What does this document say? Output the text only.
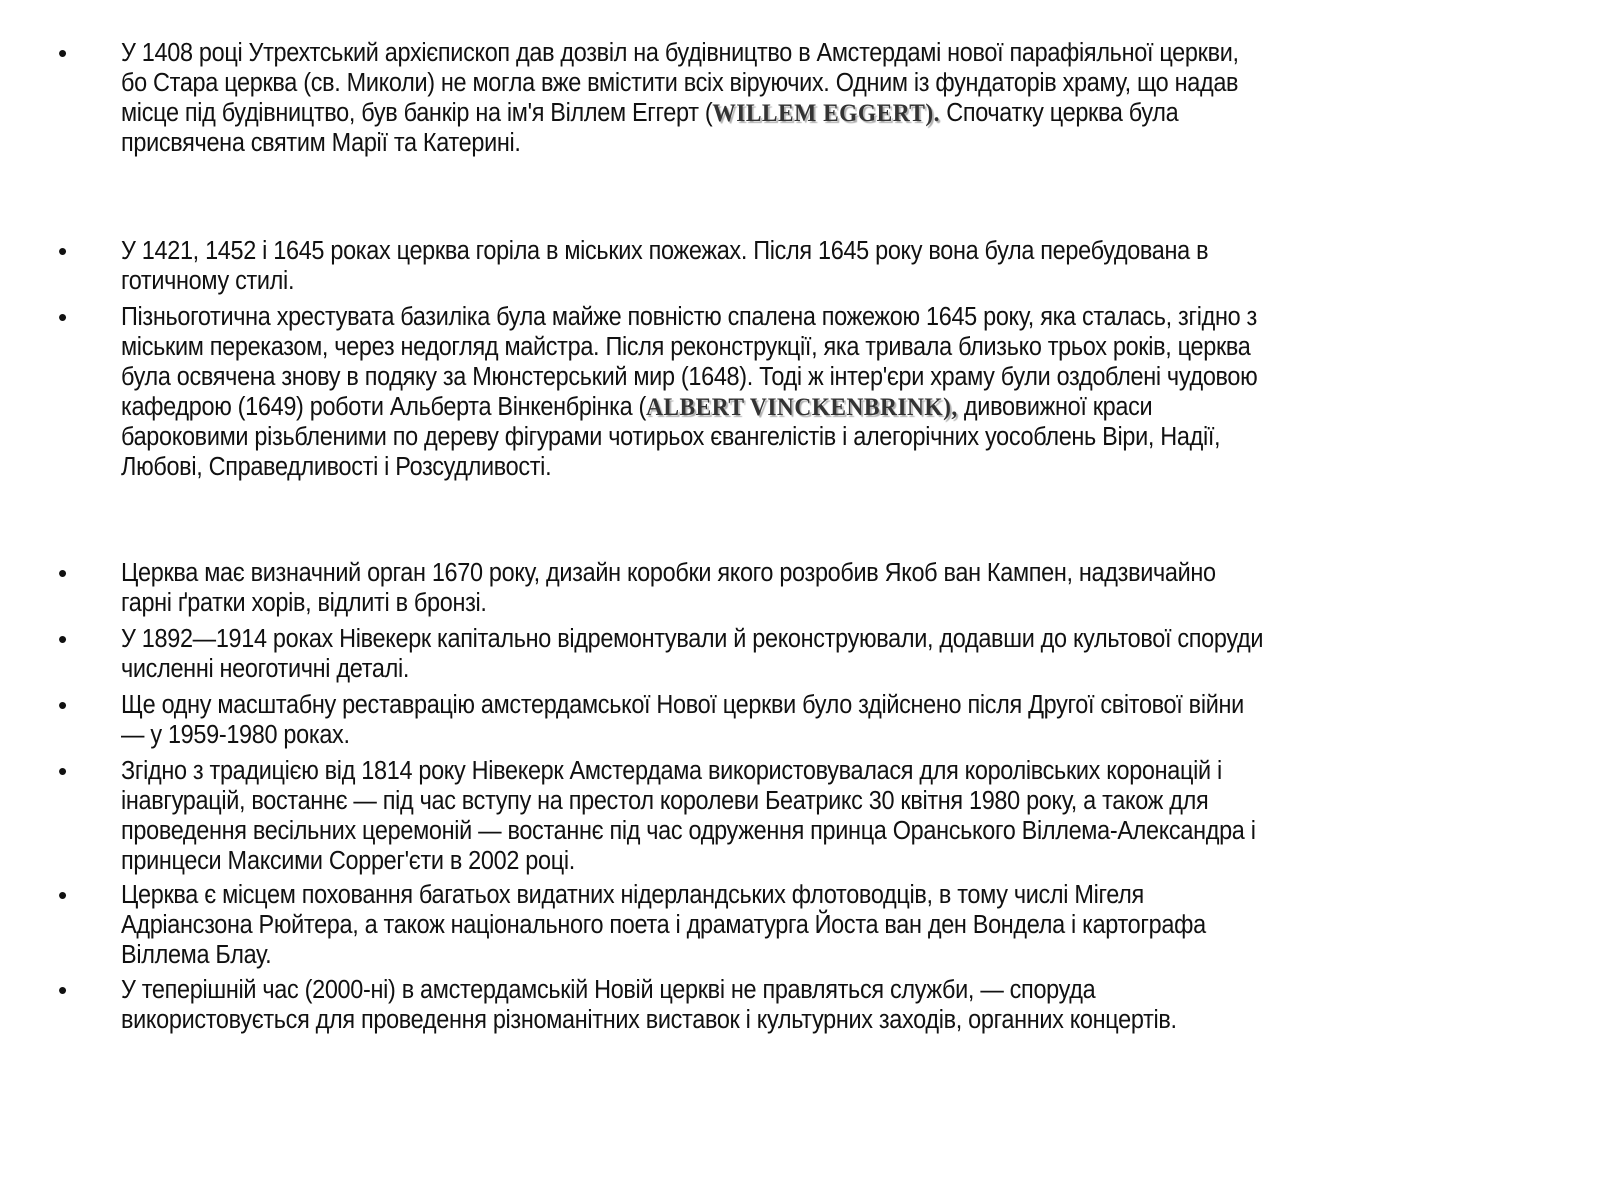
• У 1408 році Утрехтський архієпископ дав дозвіл на будівництво в Амстердамі нової парафіяльної церкви,
бо Стара церква (св. Миколи) не могла вже вмістити всіх віруючих. Одним із фундаторів храму, що надав
місце під будівництво, був банкір на ім'я Віллем Еггерт (WILLEM EGGERT). Спочатку церква була
присвячена святим Марії та Катерині.
• У 1421, 1452 і 1645 роках церква горіла в міських пожежах. Після 1645 року вона була перебудована в
готичному стилі.
• Пізньоготична хрестувата базиліка була майже повністю спалена пожежою 1645 року, яка сталась, згідно з
міським переказом, через недогляд майстра. Після реконструкції, яка тривала близько трьох років, церква
була освячена знову в подяку за Мюнстерський мир (1648). Тоді ж інтер'єри храму були оздоблені чудовою
кафедрою (1649) роботи Альберта Вінкенбрінка (ALBERT VINCKENBRINK), дивовижної краси
бароковими різьбленими по дереву фігурами чотирьох євангелістів і алегорічних уособлень Віри, Надії,
Любові, Справедливості і Розсудливості.
• Церква має визначний орган 1670 року, дизайн коробки якого розробив Якоб ван Кампен, надзвичайно
гарні ґратки хорів, відлиті в бронзі.
• У 1892—1914 роках Нівекерк капітально відремонтували й реконструювали, додавши до культової споруди
численні неоготичні деталі.
• Ще одну масштабну реставрацію амстердамської Нової церкви було здійснено після Другої світової війни
— у 1959-1980 роках.
• Згідно з традицією від 1814 року Нівекерк Амстердама використовувалася для королівських коронацій і
інавгурацій, востаннє — під час вступу на престол королеви Беатрикс 30 квітня 1980 року, а також для
проведення весільних церемоній — востаннє під час одруження принца Оранського Віллема-Александра і
принцеси Максими Соррег'єти в 2002 році.
• Церква є місцем поховання багатьох видатних нідерландських флотоводців, в тому числі Мігеля
Адріансзона Рюйтера, а також національного поета і драматурга Йоста ван ден Вондела і картографа
Віллема Блау.
• У теперішній час (2000-ні) в амстердамській Новій церкві не правляться служби, — споруда
використовується для проведення різноманітних виставок і культурних заходів, органних концертів.
